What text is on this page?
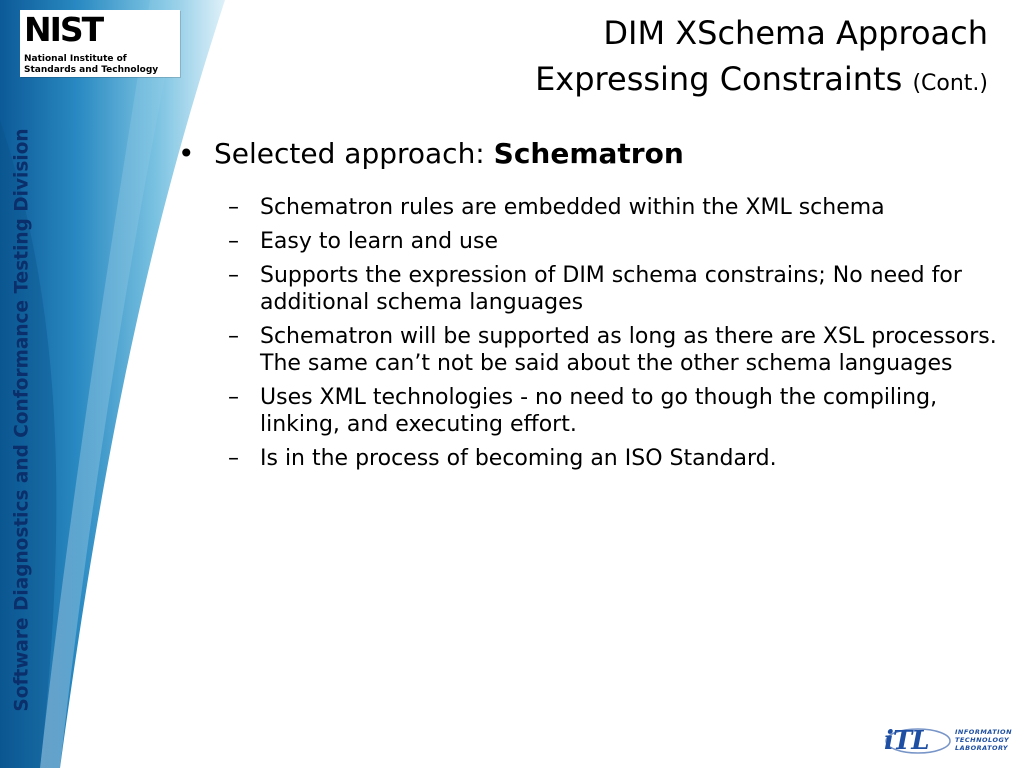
Software Diagnostics and Conformance Testing Division
NIST
National Institute of
Standards and Technology
DIM XSchema Approach
Expressing Constraints (Cont.)
• Selected approach: Schematron
– Schematron rules are embedded within the XML schema
– Easy to learn and use
– Supports the expression of DIM schema constrains; No need for additional schema languages
– Schematron will be supported as long as there are XSL processors. The same can’t not be said about the other schema languages
– Uses XML technologies - no need to go though the compiling, linking, and executing effort.
– Is in the process of becoming an ISO Standard.
iTL	INFORMATION
TECHNOLOGY
LABORATORY
